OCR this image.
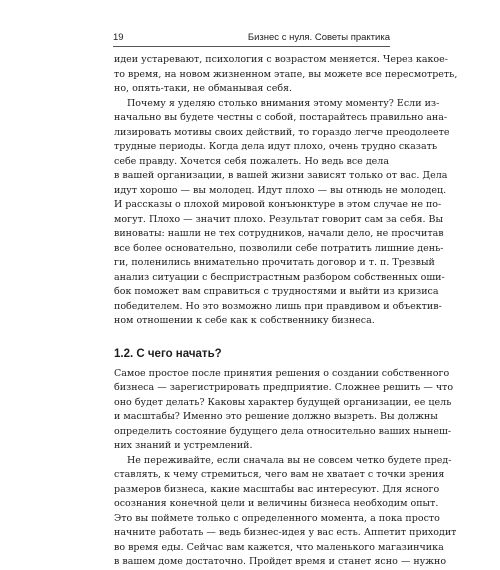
19	Бизнес с нуля. Советы практика
идеи устаревают, психология с возрастом меняется. Через какое-
то время, на новом жизненном этапе, вы можете все пересмотреть,
но, опять-таки, не обманывая себя.
Почему я уделяю столько внимания этому моменту? Если из-
начально вы будете честны с собой, постарайтесь правильно ана-
лизировать мотивы своих действий, то гораздо легче преодолеете
трудные периоды. Когда дела идут плохо, очень трудно сказать
себе правду. Хочется себя пожалеть. Но ведь все дела
в вашей организации, в вашей жизни зависят только от вас. Дела
идут хорошо — вы молодец. Идут плохо — вы отнюдь не молодец.
И рассказы о плохой мировой конъюнктуре в этом случае не по-
могут. Плохо — значит плохо. Результат говорит сам за себя. Вы
виноваты: нашли не тех сотрудников, начали дело, не просчитав
все более основательно, позволили себе потратить лишние день-
ги, поленились внимательно прочитать договор и т. п. Трезвый
анализ ситуации с беспристрастным разбором собственных оши-
бок поможет вам справиться с трудностями и выйти из кризиса
победителем. Но это возможно лишь при правдивом и объектив-
ном отношении к себе как к собственнику бизнеса.
1.2. С чего начать?
Самое простое после принятия решения о создании собственного
бизнеса — зарегистрировать предприятие. Сложнее решить — что
оно будет делать? Каковы характер будущей организации, ее цель
и масштабы? Именно это решение должно вызреть. Вы должны
определить состояние будущего дела относительно ваших нынеш-
них знаний и устремлений.
Не переживайте, если сначала вы не совсем четко будете пред-
ставлять, к чему стремиться, чего вам не хватает с точки зрения
размеров бизнеса, какие масштабы вас интересуют. Для ясного
осознания конечной цели и величины бизнеса необходим опыт.
Это вы поймете только с определенного момента, а пока просто
начните работать — ведь бизнес-идея у вас есть. Аппетит приходит
во время еды. Сейчас вам кажется, что маленького магазинчика
в вашем доме достаточно. Пройдет время и станет ясно — нужно
